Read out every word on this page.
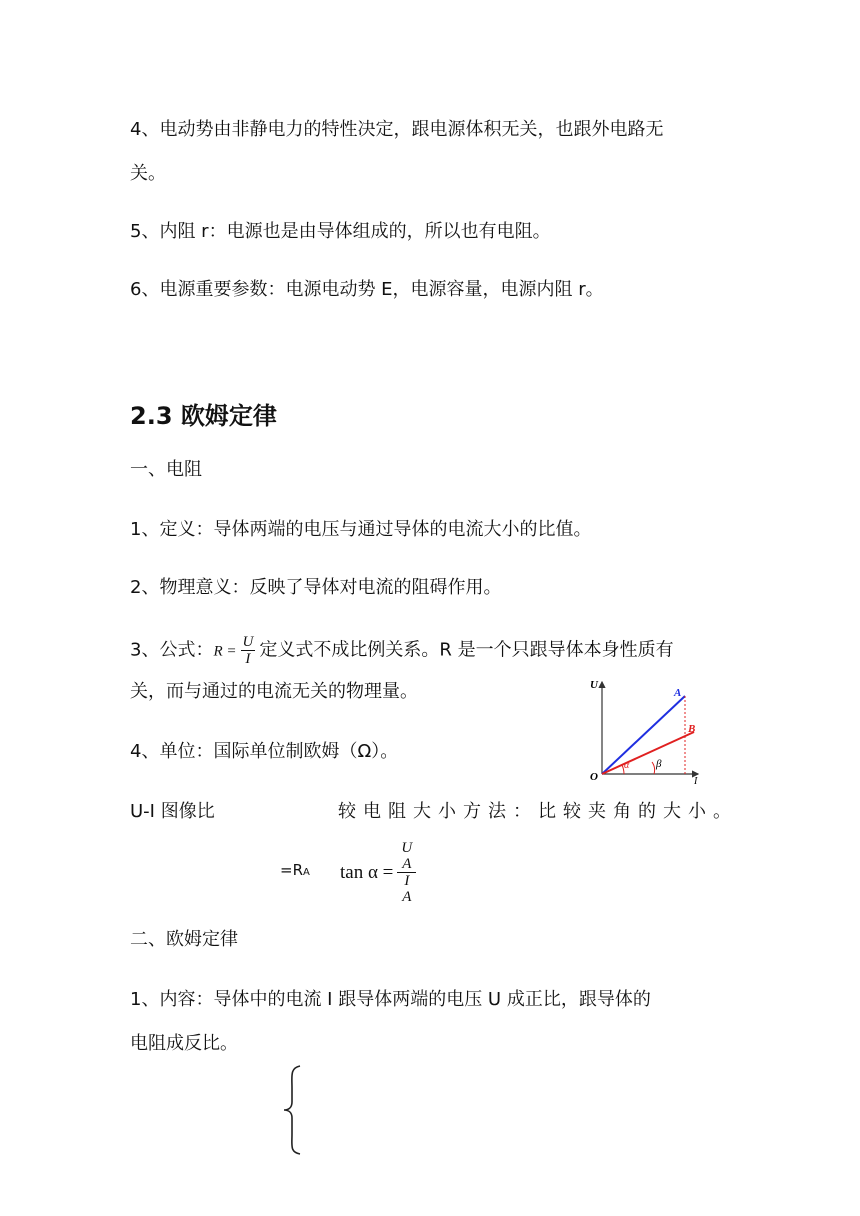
4、电动势由非静电力的特性决定，跟电源体积无关，也跟外电路无
关。
5、内阻 r：电源也是由导体组成的，所以也有电阻。
6、电源重要参数：电源电动势 E，电源容量，电源内阻 r。
2.3 欧姆定律
一、电阻
1、定义：导体两端的电压与通过导体的电流大小的比值。
2、物理意义：反映了导体对电流的阻碍作用。
3、公式：$R = \frac{U}{I}$ 定义式不成比例关系。R 是一个只跟导体本身性质有
关，而与通过的电流无关的物理量。
4、单位：国际单位制欧姆（Ω）。
U-I 图像比	较电阻大小方法：比较夹角的大小。
=RA tan α = U
A
I
A
二、欧姆定律
1、内容：导体中的电流 I 跟导体两端的电压 U 成正比，跟导体的
电阻成反比。
U
I
O
A
B
α β
